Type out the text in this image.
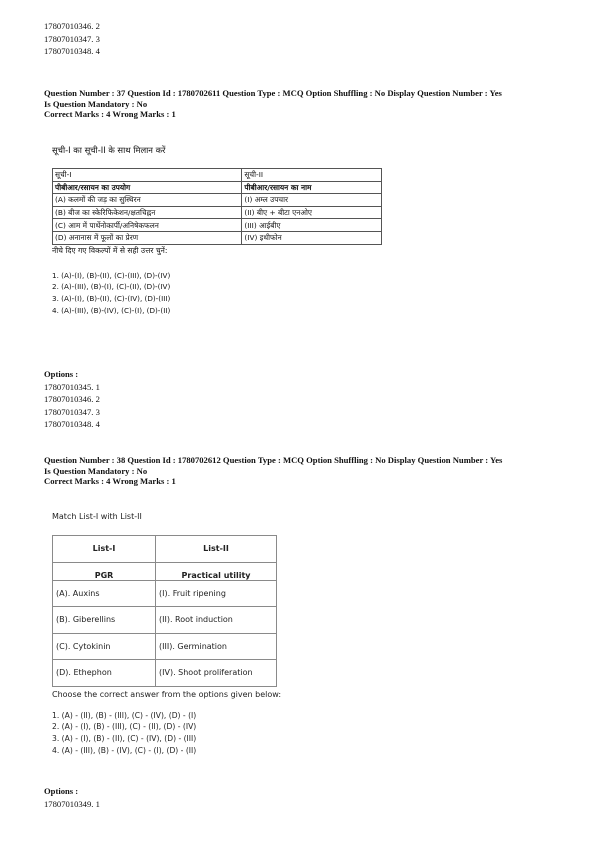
17807010346. 2
17807010347. 3
17807010348. 4
Question Number : 37 Question Id : 1780702611 Question Type : MCQ Option Shuffling : No Display Question Number : Yes
Is Question Mandatory : No
Correct Marks : 4 Wrong Marks : 1
सूची-I का सूची-II के साथ मिलान करें
सूची-I	सूची-II
पीबीआर/रसायन का उपयोग	पीबीआर/रसायन का नाम
(A) कलमों की जड़ का सुस्थिरन	(I) अम्ल उपचार
(B) बीज का स्केरिफिकेशन/क्षतचिह्नन	(II) बीए + बीटा एनओए
(C) आम में पार्थेनोकार्पी/अनिषेकफलन	(III) आईबीए
(D) अनानास में फूलों का प्रेरण	(IV) इथीफोन
नीचे दिए गए विकल्पों में से सही उत्तर चुनें:
1. (A)-(I), (B)-(II), (C)-(III), (D)-(IV)
2. (A)-(III), (B)-(I), (C)-(II), (D)-(IV)
3. (A)-(I), (B)-(II), (C)-(IV), (D)-(III)
4. (A)-(III), (B)-(IV), (C)-(I), (D)-(II)
Options :
17807010345. 1
17807010346. 2
17807010347. 3
17807010348. 4
Question Number : 38 Question Id : 1780702612 Question Type : MCQ Option Shuffling : No Display Question Number : Yes
Is Question Mandatory : No
Correct Marks : 4 Wrong Marks : 1
Match List-I with List-II
List-I	List-II
PGR	Practical utility
(A). Auxins	(I). Fruit ripening
(B). Giberellins	(II). Root induction
(C). Cytokinin	(III). Germination
(D). Ethephon	(IV). Shoot proliferation
Choose the correct answer from the options given below:
1. (A) - (II), (B) - (III), (C) - (IV), (D) - (I)
2. (A) - (I), (B) - (III), (C) - (II), (D) - (IV)
3. (A) - (I), (B) - (II), (C) - (IV), (D) - (III)
4. (A) - (III), (B) - (IV), (C) - (I), (D) - (II)
Options :
17807010349. 1
